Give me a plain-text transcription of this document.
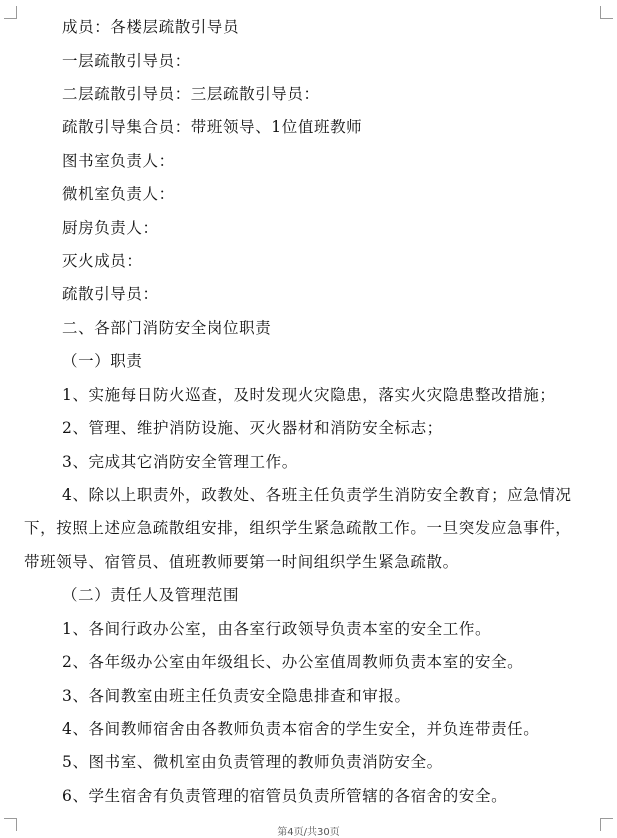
成员：各楼层疏散引导员
一层疏散引导员：
二层疏散引导员：三层疏散引导员：
疏散引导集合员：带班领导、1位值班教师
图书室负责人：
微机室负责人：
厨房负责人：
灭火成员：
疏散引导员：
二、各部门消防安全岗位职责
（一）职责
1、实施每日防火巡查，及时发现火灾隐患，落实火灾隐患整改措施；
2、管理、维护消防设施、灭火器材和消防安全标志；
3、完成其它消防安全管理工作。
4、除以上职责外，政教处、各班主任负责学生消防安全教育；应急情况
下，按照上述应急疏散组安排，组织学生紧急疏散工作。一旦突发应急事件，
带班领导、宿管员、值班教师要第一时间组织学生紧急疏散。
（二）责任人及管理范围
1、各间行政办公室，由各室行政领导负责本室的安全工作。
2、各年级办公室由年级组长、办公室值周教师负责本室的安全。
3、各间教室由班主任负责安全隐患排查和审报。
4、各间教师宿舍由各教师负责本宿舍的学生安全，并负连带责任。
5、图书室、微机室由负责管理的教师负责消防安全。
6、学生宿舍有负责管理的宿管员负责所管辖的各宿舍的安全。
第4页/共30页
